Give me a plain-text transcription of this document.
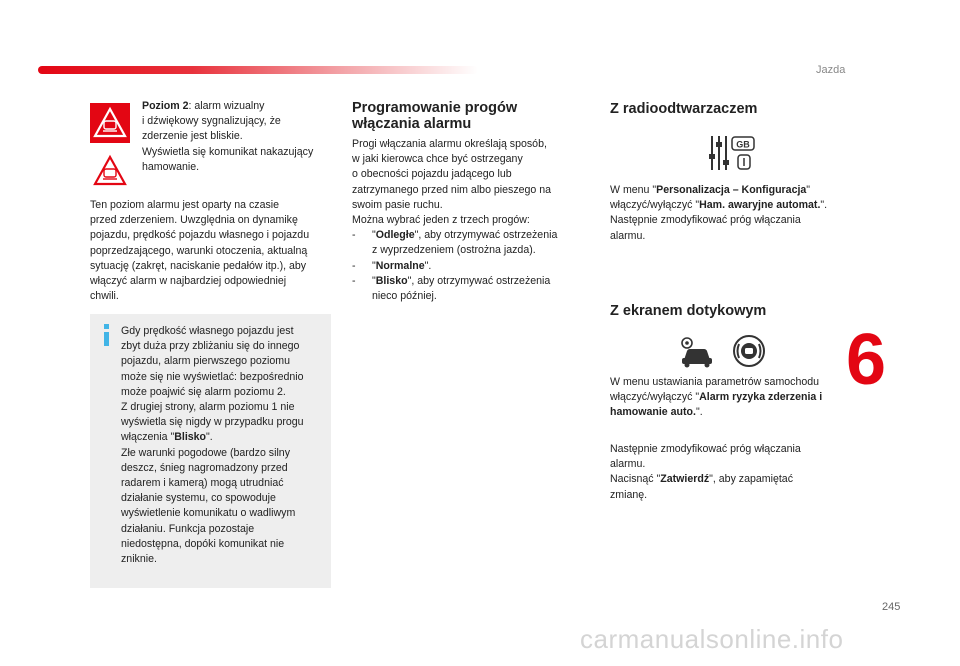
Jazda

Poziom 2: alarm wizualny

i dźwiękowy sygnalizujący, że

zderzenie jest bliskie.

Wyświetla się komunikat nakazujący

hamowanie.

Ten poziom alarmu jest oparty na czasie

przed zderzeniem. Uwzględnia on dynamikę

pojazdu, prędkość pojazdu własnego i pojazdu

poprzedzającego, warunki otoczenia, aktualną

sytuację (zakręt, naciskanie pedałów itp.), aby

włączyć alarm w najbardziej odpowiedniej

chwili.

Gdy prędkość własnego pojazdu jest

zbyt duża przy zbliżaniu się do innego

pojazdu, alarm pierwszego poziomu

może się nie wyświetlać: bezpośrednio

może poajwić się alarm poziomu 2.

Z drugiej strony, alarm poziomu 1 nie

wyświetla się nigdy w przypadku progu

włączenia "Blisko".

Złe warunki pogodowe (bardzo silny

deszcz, śnieg nagromadzony przed

radarem i kamerą) mogą utrudniać

działanie systemu, co spowoduje

wyświetlenie komunikatu o wadliwym

działaniu. Funkcja pozostaje

niedostępna, dopóki komunikat nie

zniknie.

Programowanie progów
włączania alarmu

Progi włączania alarmu określają sposób,

w jaki kierowca chce być ostrzegany

o obecności pojazdu jadącego lub

zatrzymanego przed nim albo pieszego na

swoim pasie ruchu.

Można wybrać jeden z trzech progów:

-	"Odległe", aby otrzymywać ostrzeżenia
z wyprzedzeniem (ostrożna jazda).
-	"Normalne".
-	"Blisko", aby otrzymywać ostrzeżenia
nieco później.
Z radioodtwarzaczem
GB

W menu "Personalizacja – Konfiguracja"

włączyć/wyłączyć "Ham. awaryjne automat.".

Następnie zmodyfikować próg włączania

alarmu.

Z ekranem dotykowym

W menu ustawiania parametrów samochodu

włączyć/wyłączyć "Alarm ryzyka zderzenia i

hamowanie auto.".

Następnie zmodyfikować próg włączania

alarmu.

Nacisnąć "Zatwierdź", aby zapamiętać

zmianę.

6
245
carmanualsonline.info
